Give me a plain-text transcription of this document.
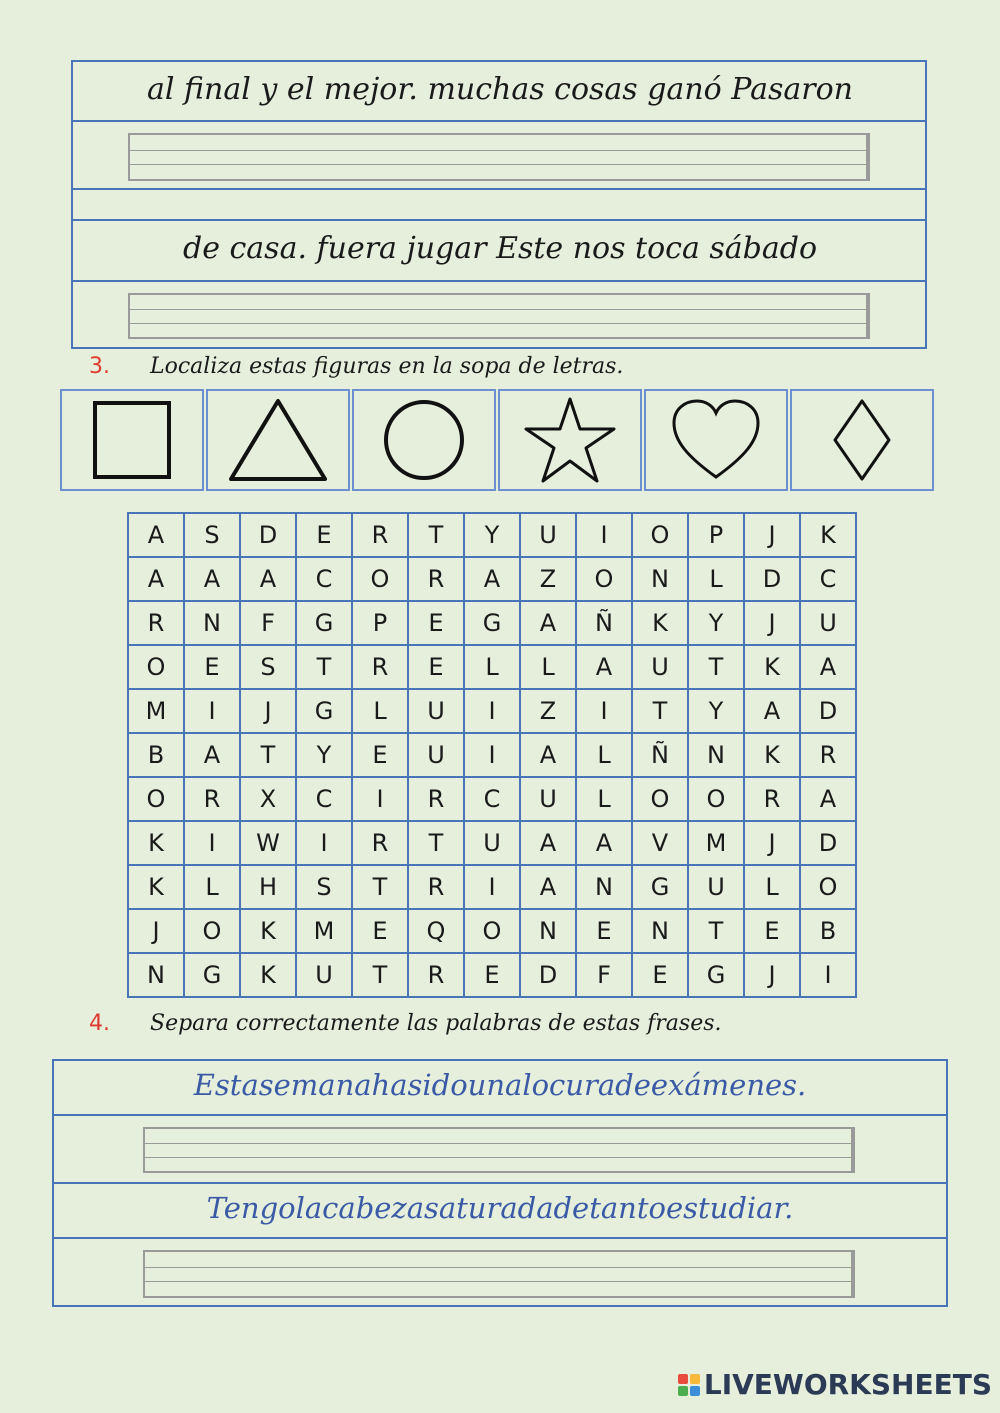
al final y el mejor. muchas cosas ganó Pasaron
de casa. fuera jugar Este nos toca sábado
3. Localiza estas figuras en la sopa de letras.
A	S	D	E	R	T	Y	U	I	O	P	J	K
A	A	A	C	O	R	A	Z	O	N	L	D	C
R	N	F	G	P	E	G	A	Ñ	K	Y	J	U
O	E	S	T	R	E	L	L	A	U	T	K	A
M	I	J	G	L	U	I	Z	I	T	Y	A	D
B	A	T	Y	E	U	I	A	L	Ñ	N	K	R
O	R	X	C	I	R	C	U	L	O	O	R	A
K	I	W	I	R	T	U	A	A	V	M	J	D
K	L	H	S	T	R	I	A	N	G	U	L	O
J	O	K	M	E	Q	O	N	E	N	T	E	B
N	G	K	U	T	R	E	D	F	E	G	J	I
4. Separa correctamente las palabras de estas frases.
Estasemanahasidounalocuradeexámenes.
Tengolacabezasaturadadetantoestudiar.
LIVEWORKSHEETS
